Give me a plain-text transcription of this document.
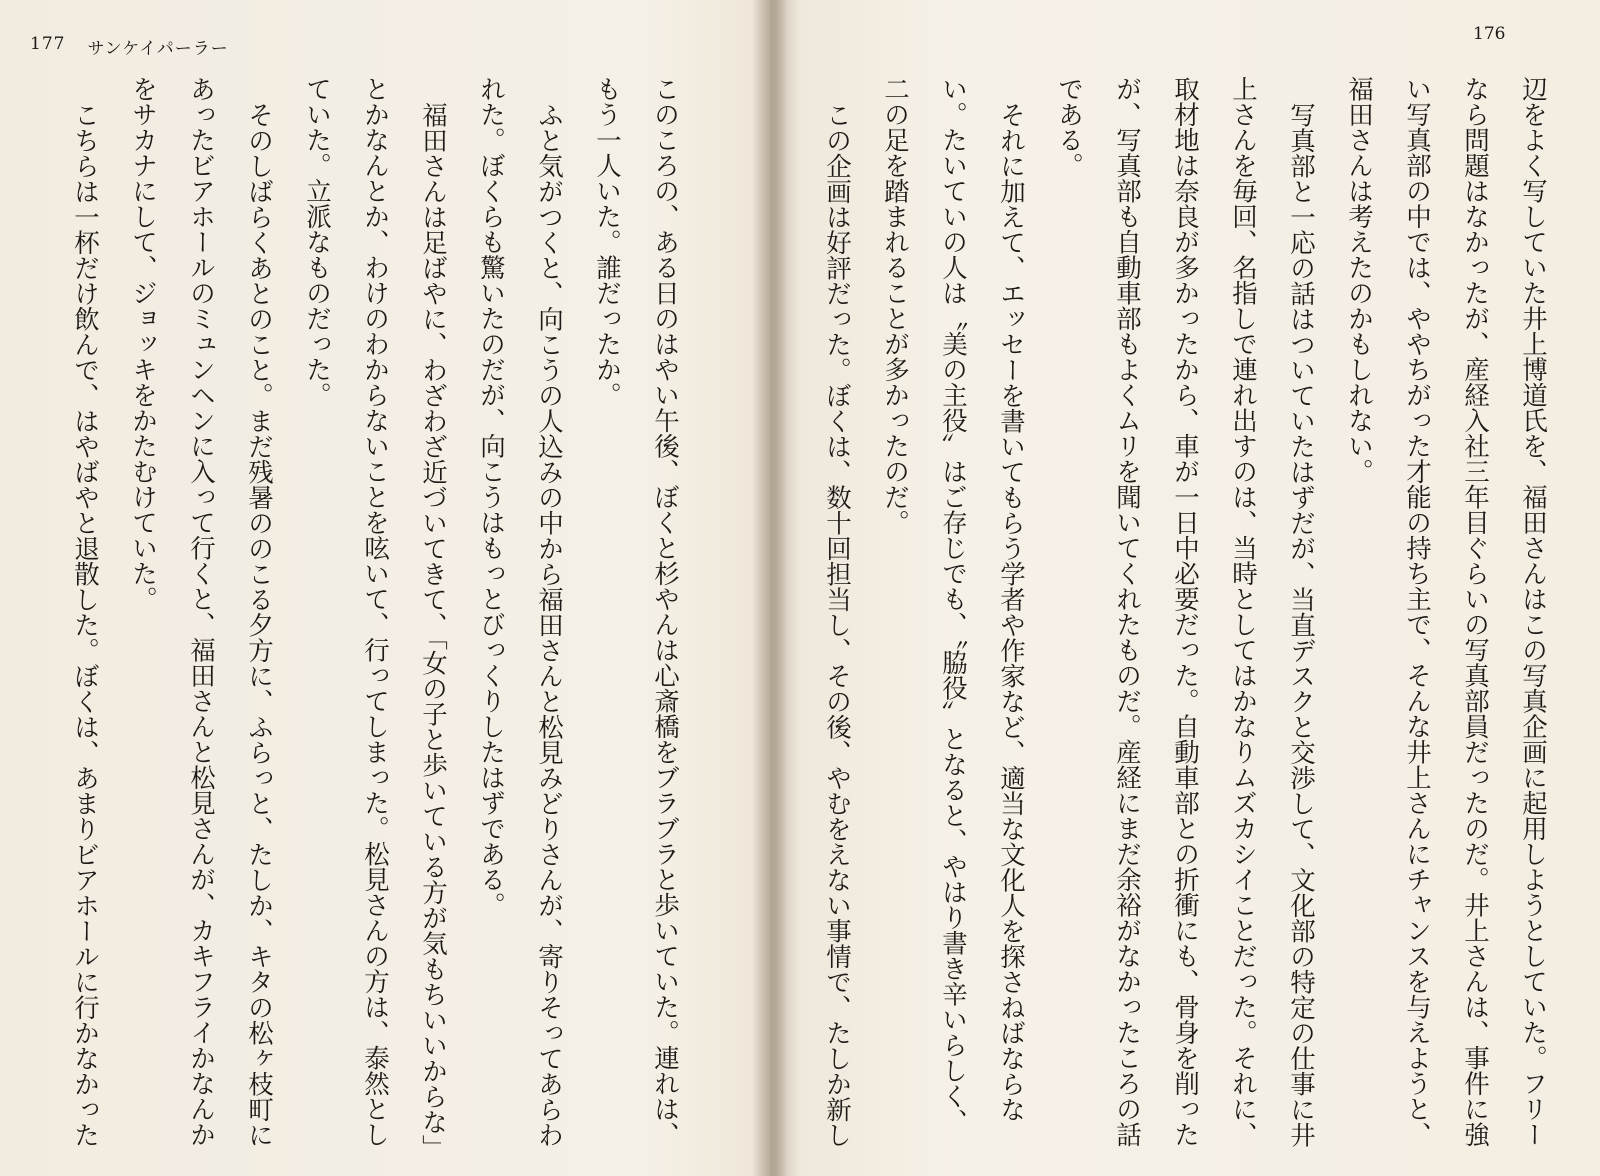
177 サンケイパーラー

このころの、ある日のはやい午後、ぼくと杉やんは心斎橋をブラブラと歩いていた。連れは、もう一人いた。誰だったか。

ふと気がつくと、向こうの人込みの中から福田さんと松見みどりさんが、寄りそってあらわれた。ぼくらも驚いたのだが、向こうはもっとびっくりしたはずである。

福田さんは足ばやに、わざわざ近づいてきて、「女の子と歩いている方が気もちいいからな」とかなんとか、わけのわからないことを呟いて、行ってしまった。松見さんの方は、泰然としていた。立派なものだった。

そのしばらくあとのこと。まだ残暑ののこる夕方に、ふらっと、たしか、キタの松ヶ枝町にあったビアホールのミュンヘンに入って行くと、福田さんと松見さんが、カキフライかなんかをサカナにして、ジョッキをかたむけていた。

こちらは一杯だけ飲んで、はやばやと退散した。ぼくは、あまりビアホールに行かなかった

176

辺をよく写していた井上博道氏を、福田さんはこの写真企画に起用しようとしていた。フリーなら問題はなかったが、産経入社三年目ぐらいの写真部員だったのだ。井上さんは、事件に強い写真部の中では、ややちがった才能の持ち主で、そんな井上さんにチャンスを与えようと、福田さんは考えたのかもしれない。

写真部と一応の話はついていたはずだが、当直デスクと交渉して、文化部の特定の仕事に井上さんを毎回、名指しで連れ出すのは、当時としてはかなりムズカシイことだった。それに、取材地は奈良が多かったから、車が一日中必要だった。自動車部との折衝にも、骨身を削ったが、写真部も自動車部もよくムリを聞いてくれたものだ。産経にまだ余裕がなかったころの話である。

それに加えて、エッセーを書いてもらう学者や作家など、適当な文化人を探さねばならない。たいていの人は〝美の主役〟はご存じでも、〝脇役〟となると、やはり書き辛いらしく、二の足を踏まれることが多かったのだ。

この企画は好評だった。ぼくは、数十回担当し、その後、やむをえない事情で、たしか新し
